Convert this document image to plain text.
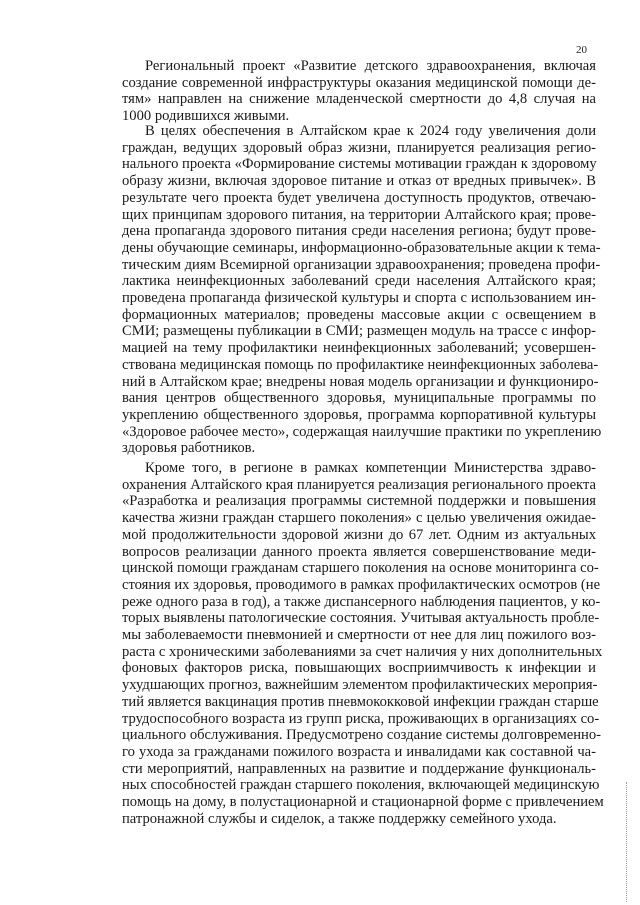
20
Региональный проект «Развитие детского здравоохранения, включая
создание современной инфраструктуры оказания медицинской помощи де-
тям» направлен на снижение младенческой смертности до 4,8 случая на
1000 родившихся живыми.
В целях обеспечения в Алтайском крае к 2024 году увеличения доли
граждан, ведущих здоровый образ жизни, планируется реализация регио-
нального проекта «Формирование системы мотивации граждан к здоровому
образу жизни, включая здоровое питание и отказ от вредных привычек». В
результате чего проекта будет увеличена доступность продуктов, отвечаю-
щих принципам здорового питания, на территории Алтайского края; прове-
дена пропаганда здорового питания среди населения региона; будут прове-
дены обучающие семинары, информационно-образовательные акции к тема-
тическим диям Всемирной организации здравоохранения; проведена профи-
лактика неинфекционных заболеваний среди населения Алтайского края;
проведена пропаганда физической культуры и спорта с использованием ин-
формационных материалов; проведены массовые акции с освещением в
СМИ; размещены публикации в СМИ; размещен модуль на трассе с инфор-
мацией на тему профилактики неинфекционных заболеваний; усовершен-
ствована медицинская помощь по профилактике неинфекционных заболева-
ний в Алтайском крае; внедрены новая модель организации и функциониро-
вания центров общественного здоровья, муниципальные программы по
укреплению общественного здоровья, программа корпоративной культуры
«Здоровое рабочее место», содержащая наилучшие практики по укреплению
здоровья работников.
Кроме того, в регионе в рамках компетенции Министерства здраво-
охранения Алтайского края планируется реализация регионального проекта
«Разработка и реализация программы системной поддержки и повышения
качества жизни граждан старшего поколения» с целью увеличения ожидае-
мой продолжительности здоровой жизни до 67 лет. Одним из актуальных
вопросов реализации данного проекта является совершенствование меди-
цинской помощи гражданам старшего поколения на основе мониторинга со-
стояния их здоровья, проводимого в рамках профилактических осмотров (не
реже одного раза в год), а также диспансерного наблюдения пациентов, у ко-
торых выявлены патологические состояния. Учитывая актуальность пробле-
мы заболеваемости пневмонией и смертности от нее для лиц пожилого воз-
раста с хроническими заболеваниями за счет наличия у них дополнительных
фоновых факторов риска, повышающих восприимчивость к инфекции и
ухудшающих прогноз, важнейшим элементом профилактических мероприя-
тий является вакцинация против пневмококковой инфекции граждан старше
трудоспособного возраста из групп риска, проживающих в организациях со-
циального обслуживания. Предусмотрено создание системы долговременно-
го ухода за гражданами пожилого возраста и инвалидами как составной ча-
сти мероприятий, направленных на развитие и поддержание функциональ-
ных способностей граждан старшего поколения, включающей медицинскую
помощь на дому, в полустационарной и стационарной форме с привлечением
патронажной службы и сиделок, а также поддержку семейного ухода.
